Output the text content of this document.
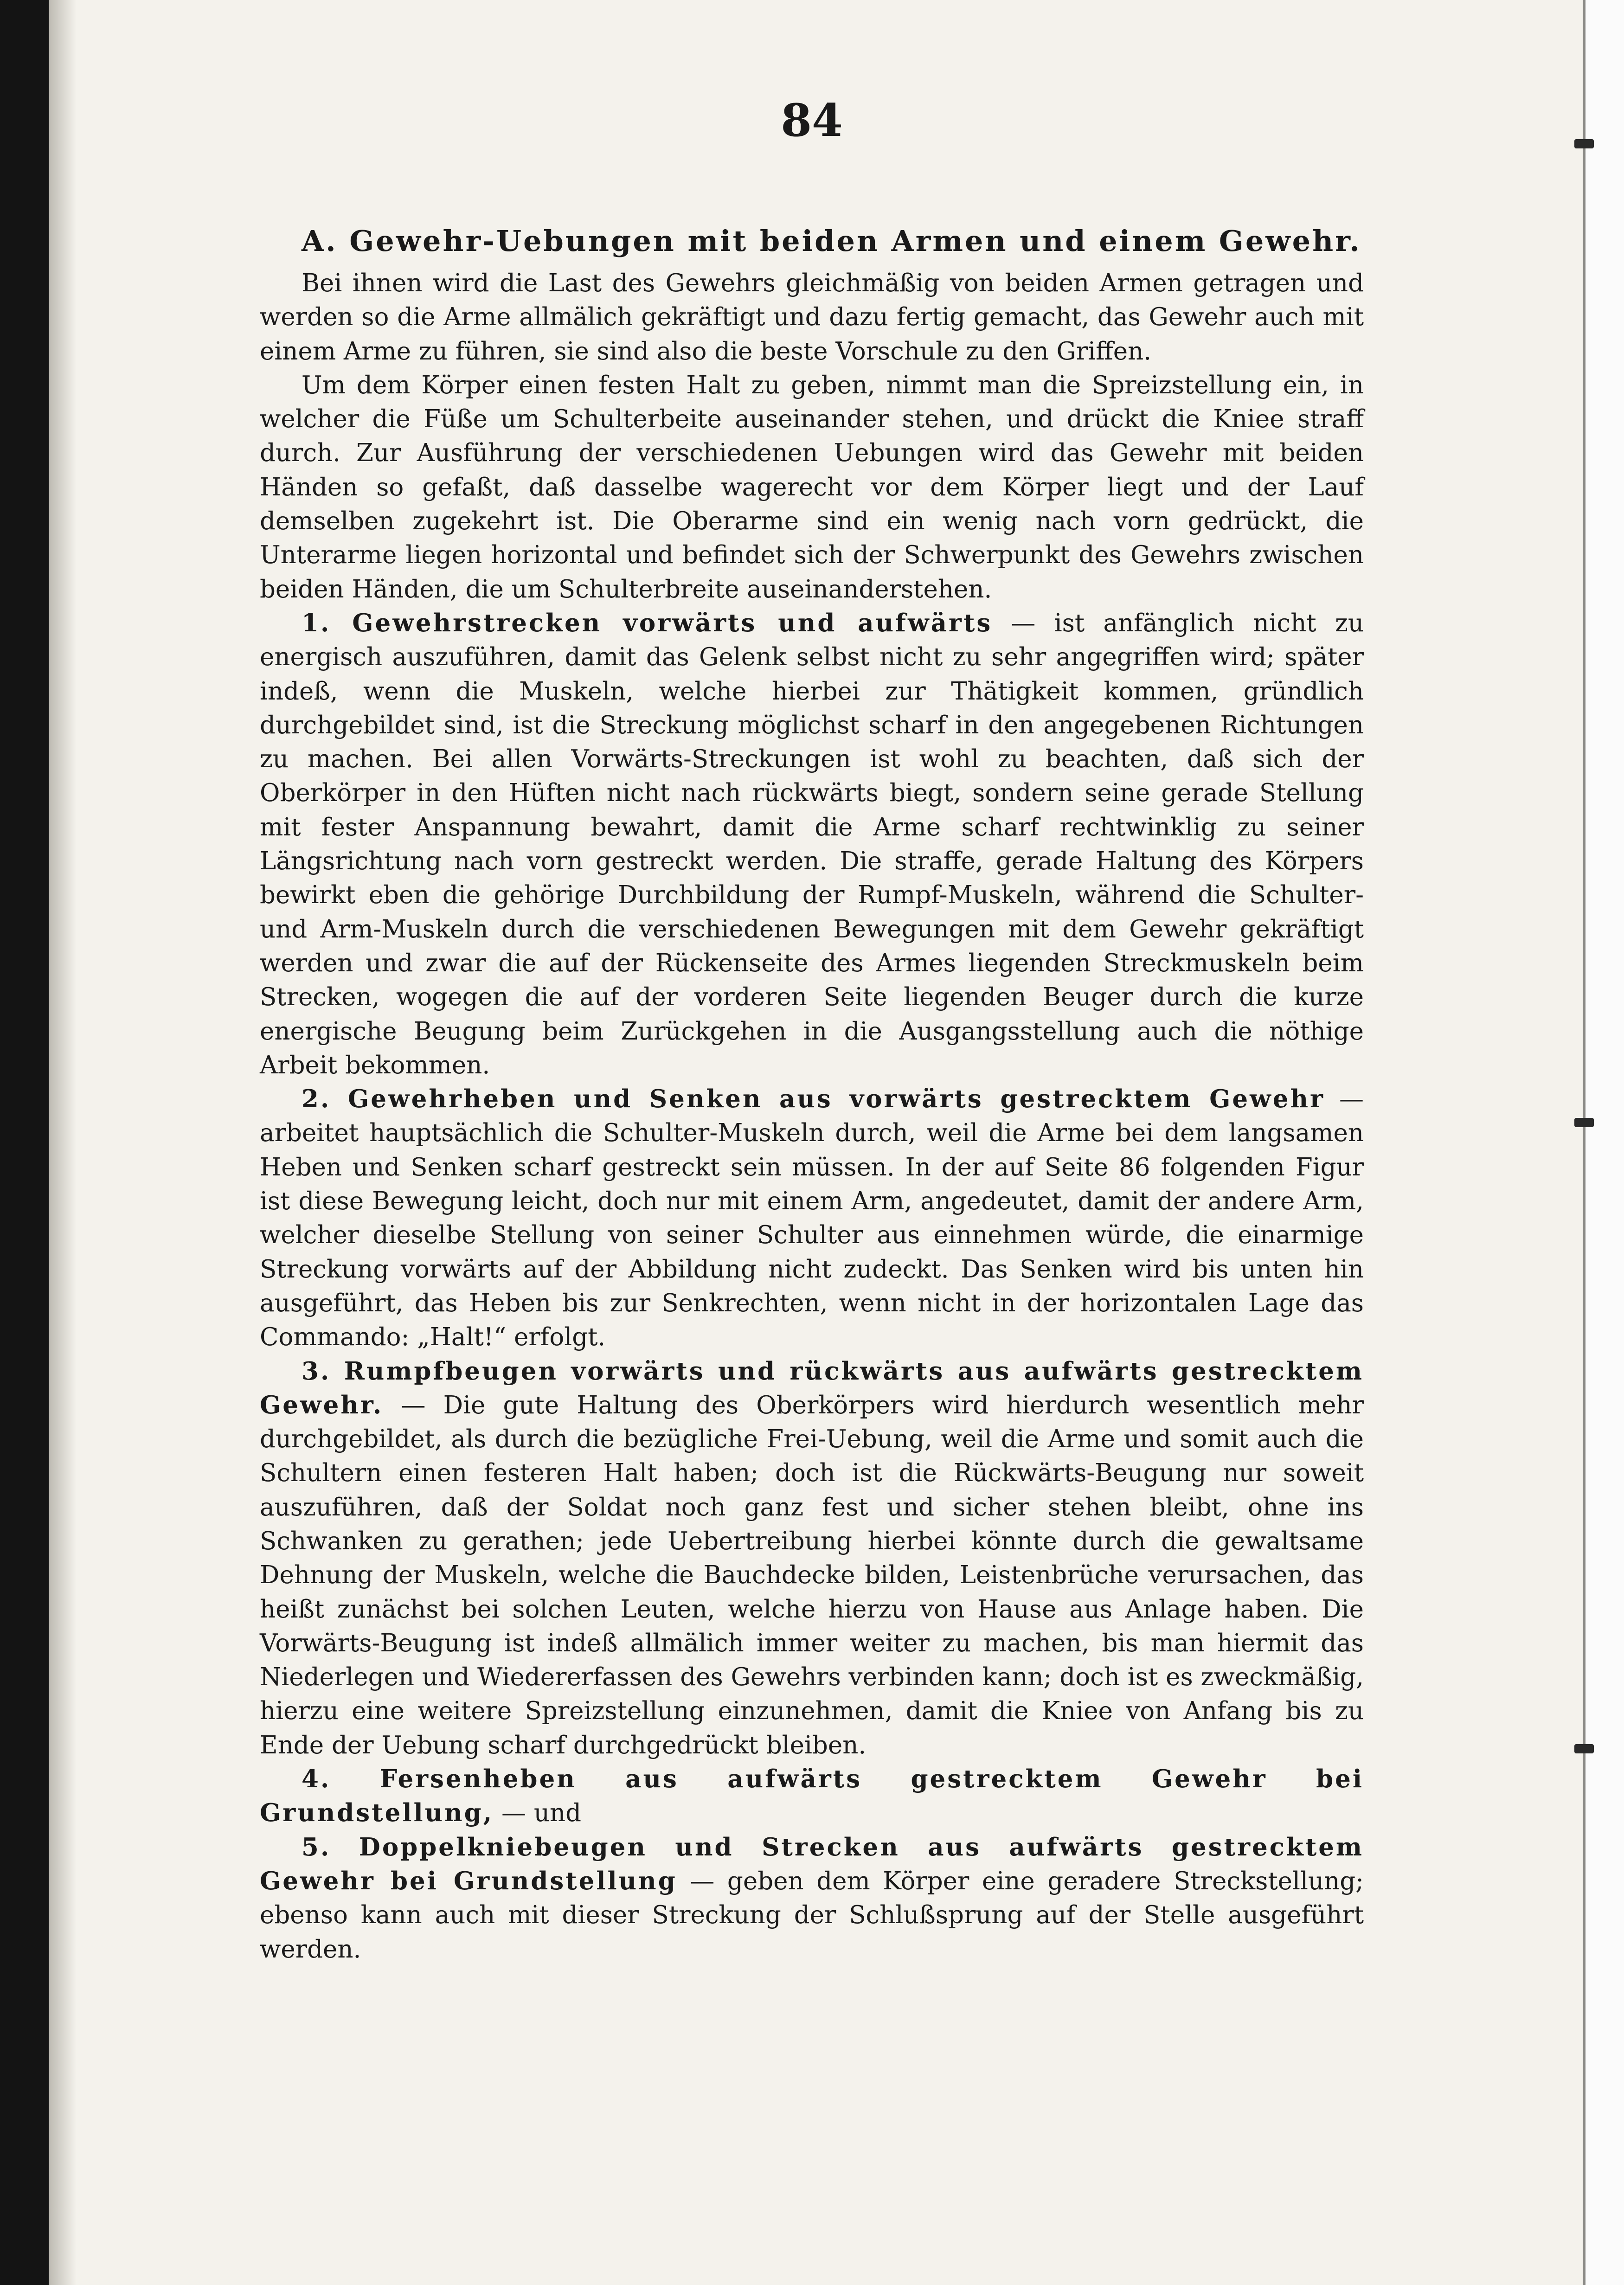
84
A. Gewehr-Uebungen mit beiden Armen und einem Gewehr.

Bei ihnen wird die Last des Gewehrs gleichmäßig von beiden Armen getragen und werden so die Arme allmälich gekräftigt und dazu fertig gemacht, das Gewehr auch mit einem Arme zu führen, sie sind also die beste Vorschule zu den Griffen.

Um dem Körper einen festen Halt zu geben, nimmt man die Spreizstellung ein, in welcher die Füße um Schulterbeite auseinander stehen, und drückt die Kniee straff durch. Zur Ausführung der verschiedenen Uebungen wird das Gewehr mit beiden Händen so gefaßt, daß dasselbe wagerecht vor dem Körper liegt und der Lauf demselben zugekehrt ist. Die Oberarme sind ein wenig nach vorn gedrückt, die Unterarme liegen horizontal und befindet sich der Schwerpunkt des Gewehrs zwischen beiden Händen, die um Schulterbreite auseinanderstehen.

1. Gewehrstrecken vorwärts und aufwärts — ist anfänglich nicht zu energisch auszuführen, damit das Gelenk selbst nicht zu sehr angegriffen wird; später indeß, wenn die Muskeln, welche hierbei zur Thätigkeit kommen, gründlich durchgebildet sind, ist die Streckung möglichst scharf in den angegebenen Richtungen zu machen. Bei allen Vorwärts-Streckungen ist wohl zu beachten, daß sich der Oberkörper in den Hüften nicht nach rückwärts biegt, sondern seine gerade Stellung mit fester Anspannung bewahrt, damit die Arme scharf rechtwinklig zu seiner Längsrichtung nach vorn gestreckt werden. Die straffe, gerade Haltung des Körpers bewirkt eben die gehörige Durchbildung der Rumpf-Muskeln, während die Schulter- und Arm-Muskeln durch die verschiedenen Bewegungen mit dem Gewehr gekräftigt werden und zwar die auf der Rückenseite des Armes liegenden Streckmuskeln beim Strecken, wogegen die auf der vorderen Seite liegenden Beuger durch die kurze energische Beugung beim Zurückgehen in die Ausgangsstellung auch die nöthige Arbeit bekommen.

2. Gewehrheben und Senken aus vorwärts gestrecktem Gewehr — arbeitet hauptsächlich die Schulter-Muskeln durch, weil die Arme bei dem langsamen Heben und Senken scharf gestreckt sein müssen. In der auf Seite 86 folgenden Figur ist diese Bewegung leicht, doch nur mit einem Arm, angedeutet, damit der andere Arm, welcher dieselbe Stellung von seiner Schulter aus einnehmen würde, die einarmige Streckung vorwärts auf der Abbildung nicht zudeckt. Das Senken wird bis unten hin ausgeführt, das Heben bis zur Senkrechten, wenn nicht in der horizontalen Lage das Commando: „Halt!“ erfolgt.

3. Rumpfbeugen vorwärts und rückwärts aus aufwärts gestrecktem Gewehr. — Die gute Haltung des Oberkörpers wird hierdurch wesentlich mehr durchgebildet, als durch die bezügliche Frei-Uebung, weil die Arme und somit auch die Schultern einen festeren Halt haben; doch ist die Rückwärts-Beugung nur soweit auszuführen, daß der Soldat noch ganz fest und sicher stehen bleibt, ohne ins Schwanken zu gerathen; jede Uebertreibung hierbei könnte durch die gewaltsame Dehnung der Muskeln, welche die Bauchdecke bilden, Leistenbrüche verursachen, das heißt zunächst bei solchen Leuten, welche hierzu von Hause aus Anlage haben. Die Vorwärts-Beugung ist indeß allmälich immer weiter zu machen, bis man hiermit das Niederlegen und Wiedererfassen des Gewehrs verbinden kann; doch ist es zweckmäßig, hierzu eine weitere Spreizstellung einzunehmen, damit die Kniee von Anfang bis zu Ende der Uebung scharf durchgedrückt bleiben.

4. Fersenheben aus aufwärts gestrecktem Gewehr bei Grundstellung, — und

5. Doppelkniebeugen und Strecken aus aufwärts gestrecktem Gewehr bei Grundstellung — geben dem Körper eine geradere Streckstellung; ebenso kann auch mit dieser Streckung der Schlußsprung auf der Stelle ausgeführt werden.
